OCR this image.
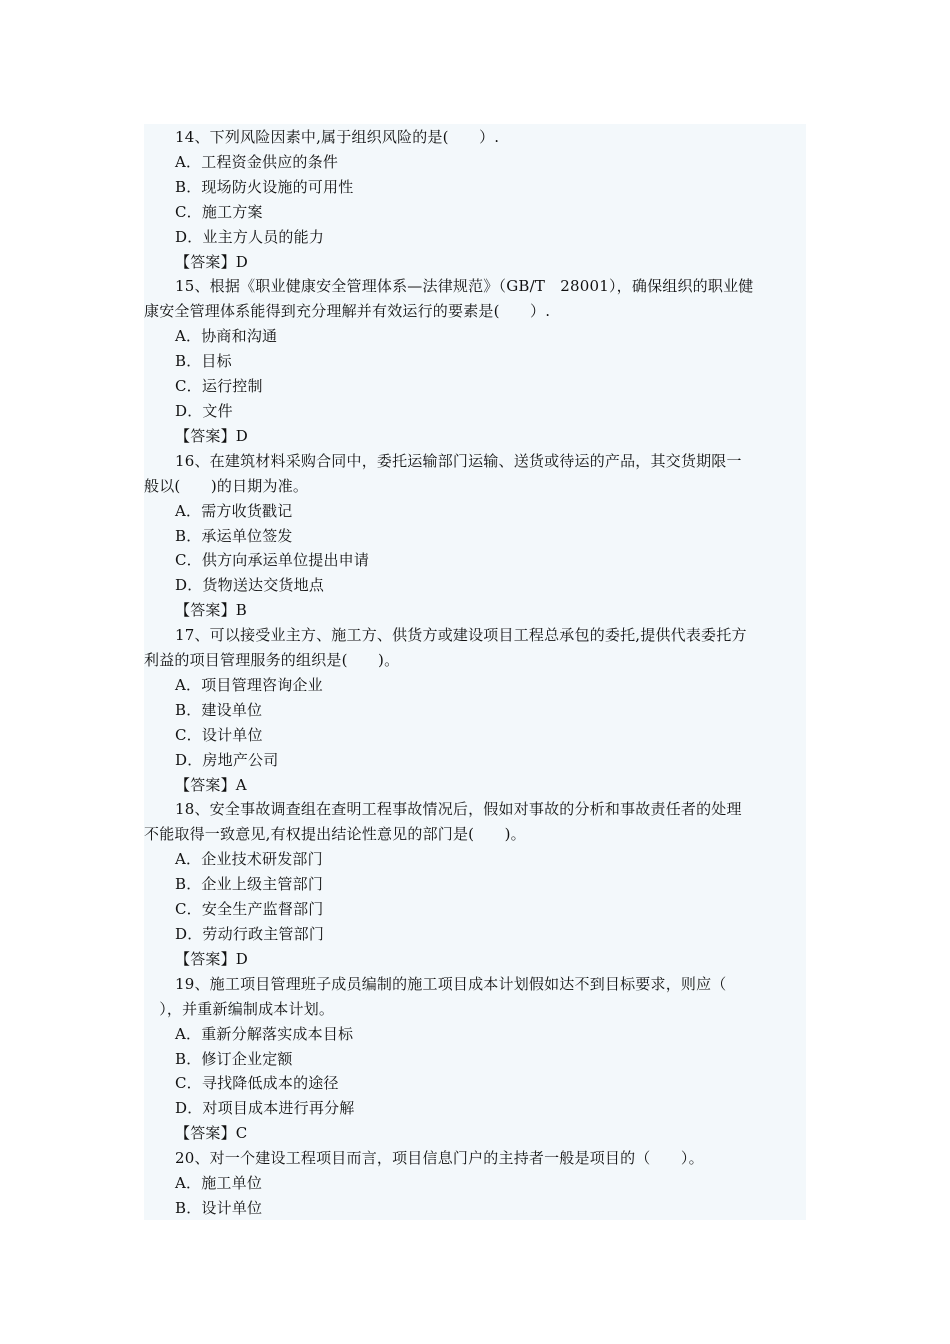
14、下列风险因素中,属于组织风险的是(　　）.
A．工程资金供应的条件
B．现场防火设施的可用性
C．施工方案
D．业主方人员的能力
【答案】D
15、根据《职业健康安全管理体系—法律规范》（GB/T　28001），确保组织的职业健
康安全管理体系能得到充分理解并有效运行的要素是(　　）.
A．协商和沟通
B．目标
C．运行控制
D．文件
【答案】D
16、在建筑材料采购合同中，委托运输部门运输、送货或待运的产品，其交货期限一
般以(　　)的日期为准。
A．需方收货戳记
B．承运单位签发
C．供方向承运单位提出申请
D．货物送达交货地点
【答案】B
17、可以接受业主方、施工方、供货方或建设项目工程总承包的委托,提供代表委托方
利益的项目管理服务的组织是(　　)。
A．项目管理咨询企业
B．建设单位
C．设计单位
D．房地产公司
【答案】A
18、安全事故调查组在查明工程事故情况后，假如对事故的分析和事故责任者的处理
不能取得一致意见,有权提出结论性意见的部门是(　　)。
A．企业技术研发部门
B．企业上级主管部门
C．安全生产监督部门
D．劳动行政主管部门
【答案】D
19、施工项目管理班子成员编制的施工项目成本计划假如达不到目标要求，则应（
　），并重新编制成本计划。
A．重新分解落实成本目标
B．修订企业定额
C．寻找降低成本的途径
D．对项目成本进行再分解
【答案】C
20、对一个建设工程项目而言，项目信息门户的主持者一般是项目的（　　）。
A．施工单位
B．设计单位
